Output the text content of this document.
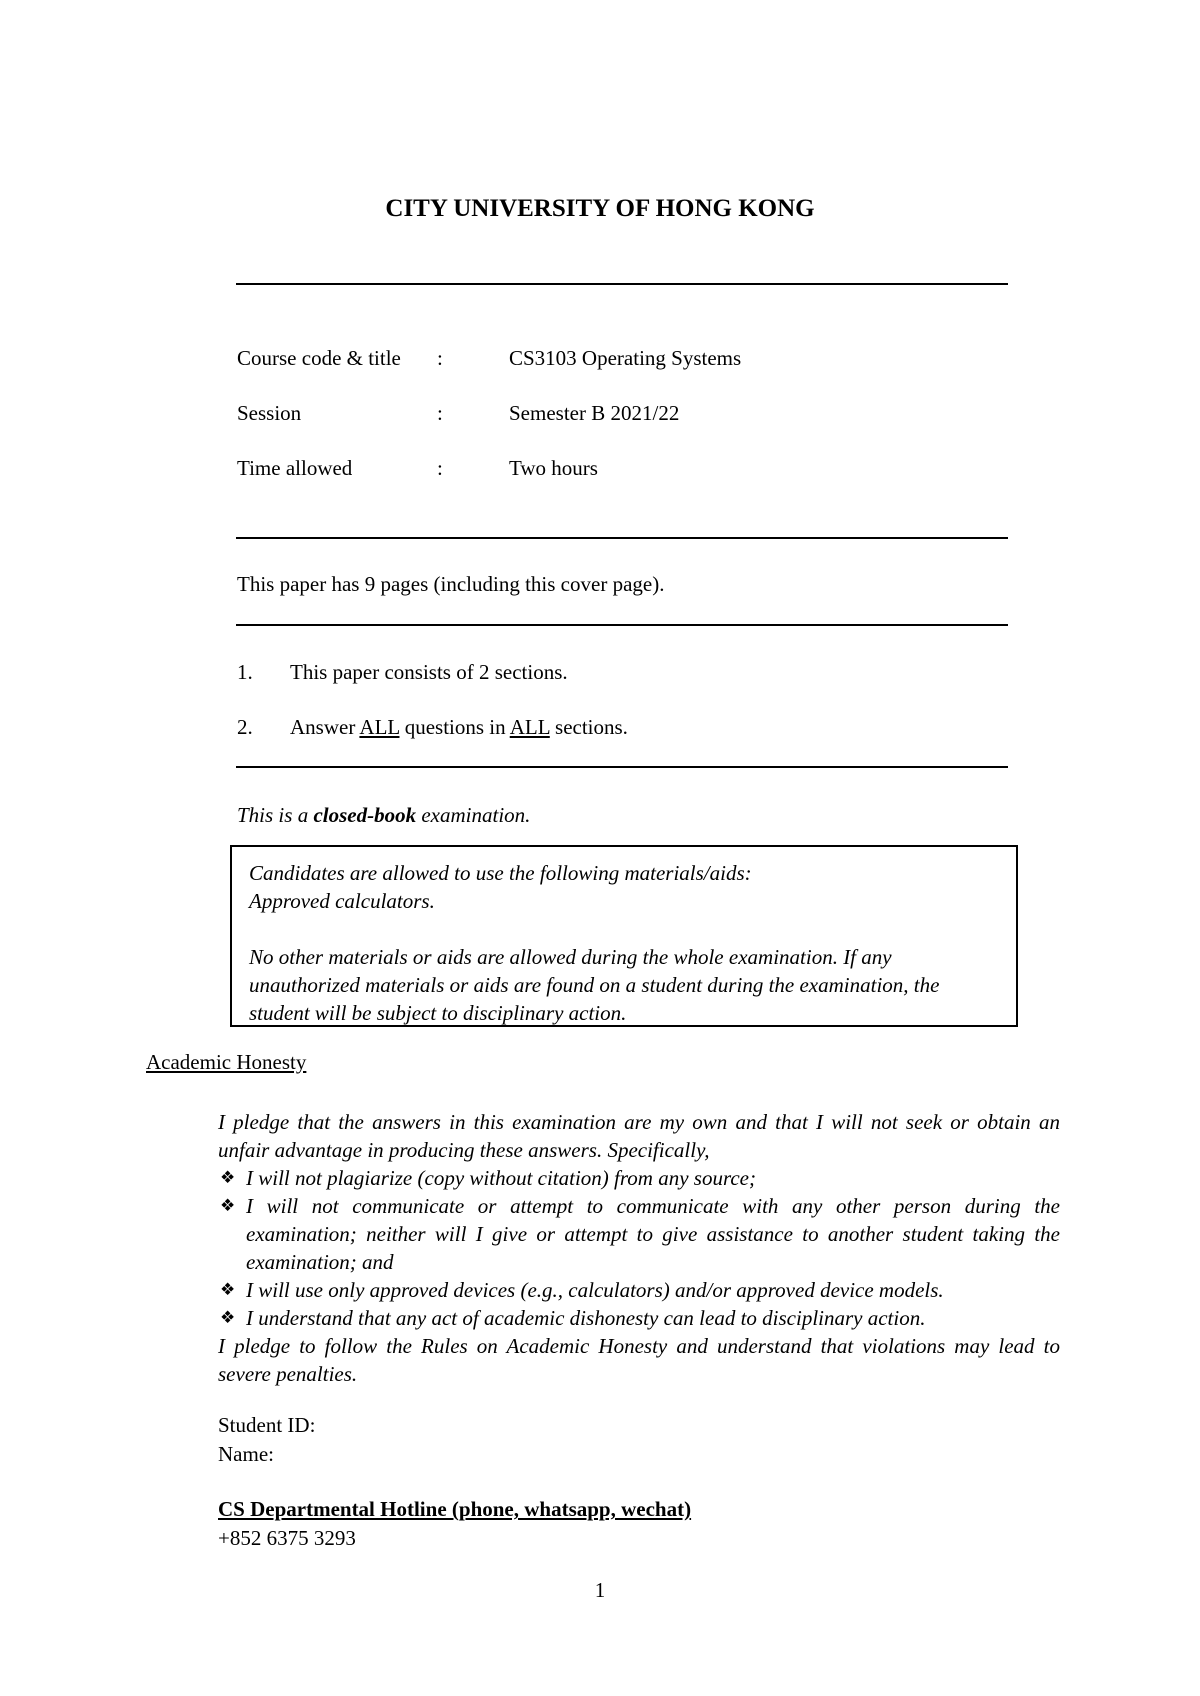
CITY UNIVERSITY OF HONG KONG
Course code & title :	CS3103 Operating Systems
Session	:	Semester B 2021/22
Time allowed	:	Two hours
This paper has 9 pages (including this cover page).
1. This paper consists of 2 sections.
2. Answer ALL questions in ALL sections.
This is a closed-book examination.

Candidates are allowed to use the following materials/aids:

Approved calculators.

No other materials or aids are allowed during the whole examination. If any unauthorized materials or aids are found on a student during the examination, the student will be subject to disciplinary action.

Academic Honesty

I pledge that the answers in this examination are my own and that I will not seek or obtain an unfair advantage in producing these answers. Specifically,

❖ I will not plagiarize (copy without citation) from any source;
❖ I will not communicate or attempt to communicate with any other person during the examination; neither will I give or attempt to give assistance to another student taking the examination; and
❖ I will use only approved devices (e.g., calculators) and/or approved device models.
❖ I understand that any act of academic dishonesty can lead to disciplinary action.

I pledge to follow the Rules on Academic Honesty and understand that violations may lead to severe penalties.

Student ID:
Name:
CS Departmental Hotline (phone, whatsapp, wechat)
+852 6375 3293
1
